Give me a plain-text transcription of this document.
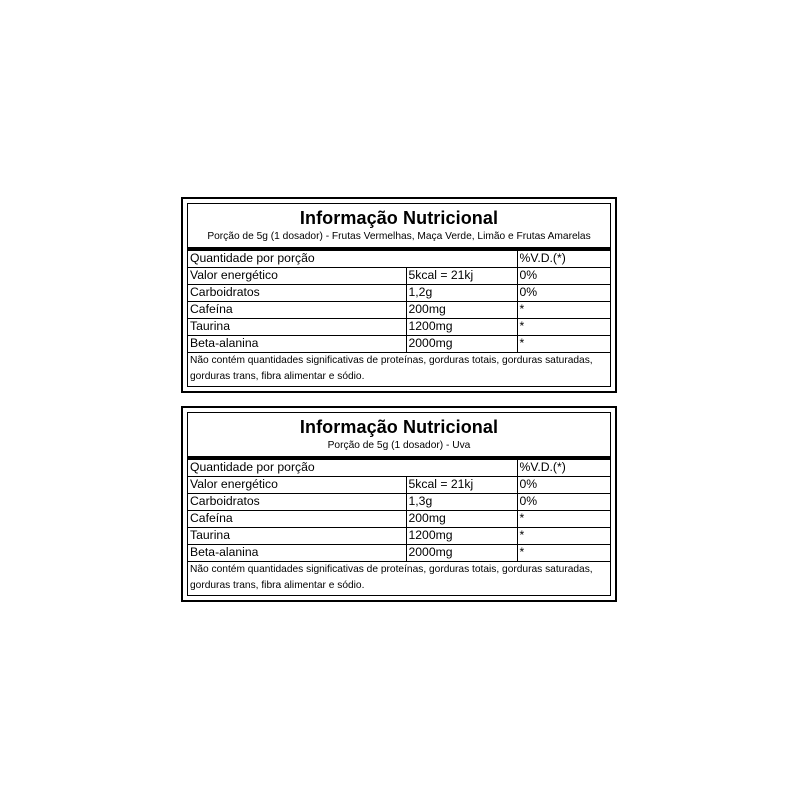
Informação Nutricional
Porção de 5g (1 dosador) - Frutas Vermelhas, Maça Verde, Limão e Frutas Amarelas
Quantidade por porção		%V.D.(*)
Valor energético	5kcal = 21kj	0%
Carboidratos	1,2g	0%
Cafeína	200mg	*
Taurina	1200mg	*
Beta-alanina	2000mg	*
Não contém quantidades significativas de proteínas, gorduras totais, gorduras saturadas, gorduras trans, fibra alimentar e sódio.
Informação Nutricional
Porção de 5g (1 dosador) - Uva
Quantidade por porção		%V.D.(*)
Valor energético	5kcal = 21kj	0%
Carboidratos	1,3g	0%
Cafeína	200mg	*
Taurina	1200mg	*
Beta-alanina	2000mg	*
Não contém quantidades significativas de proteínas, gorduras totais, gorduras saturadas, gorduras trans, fibra alimentar e sódio.
